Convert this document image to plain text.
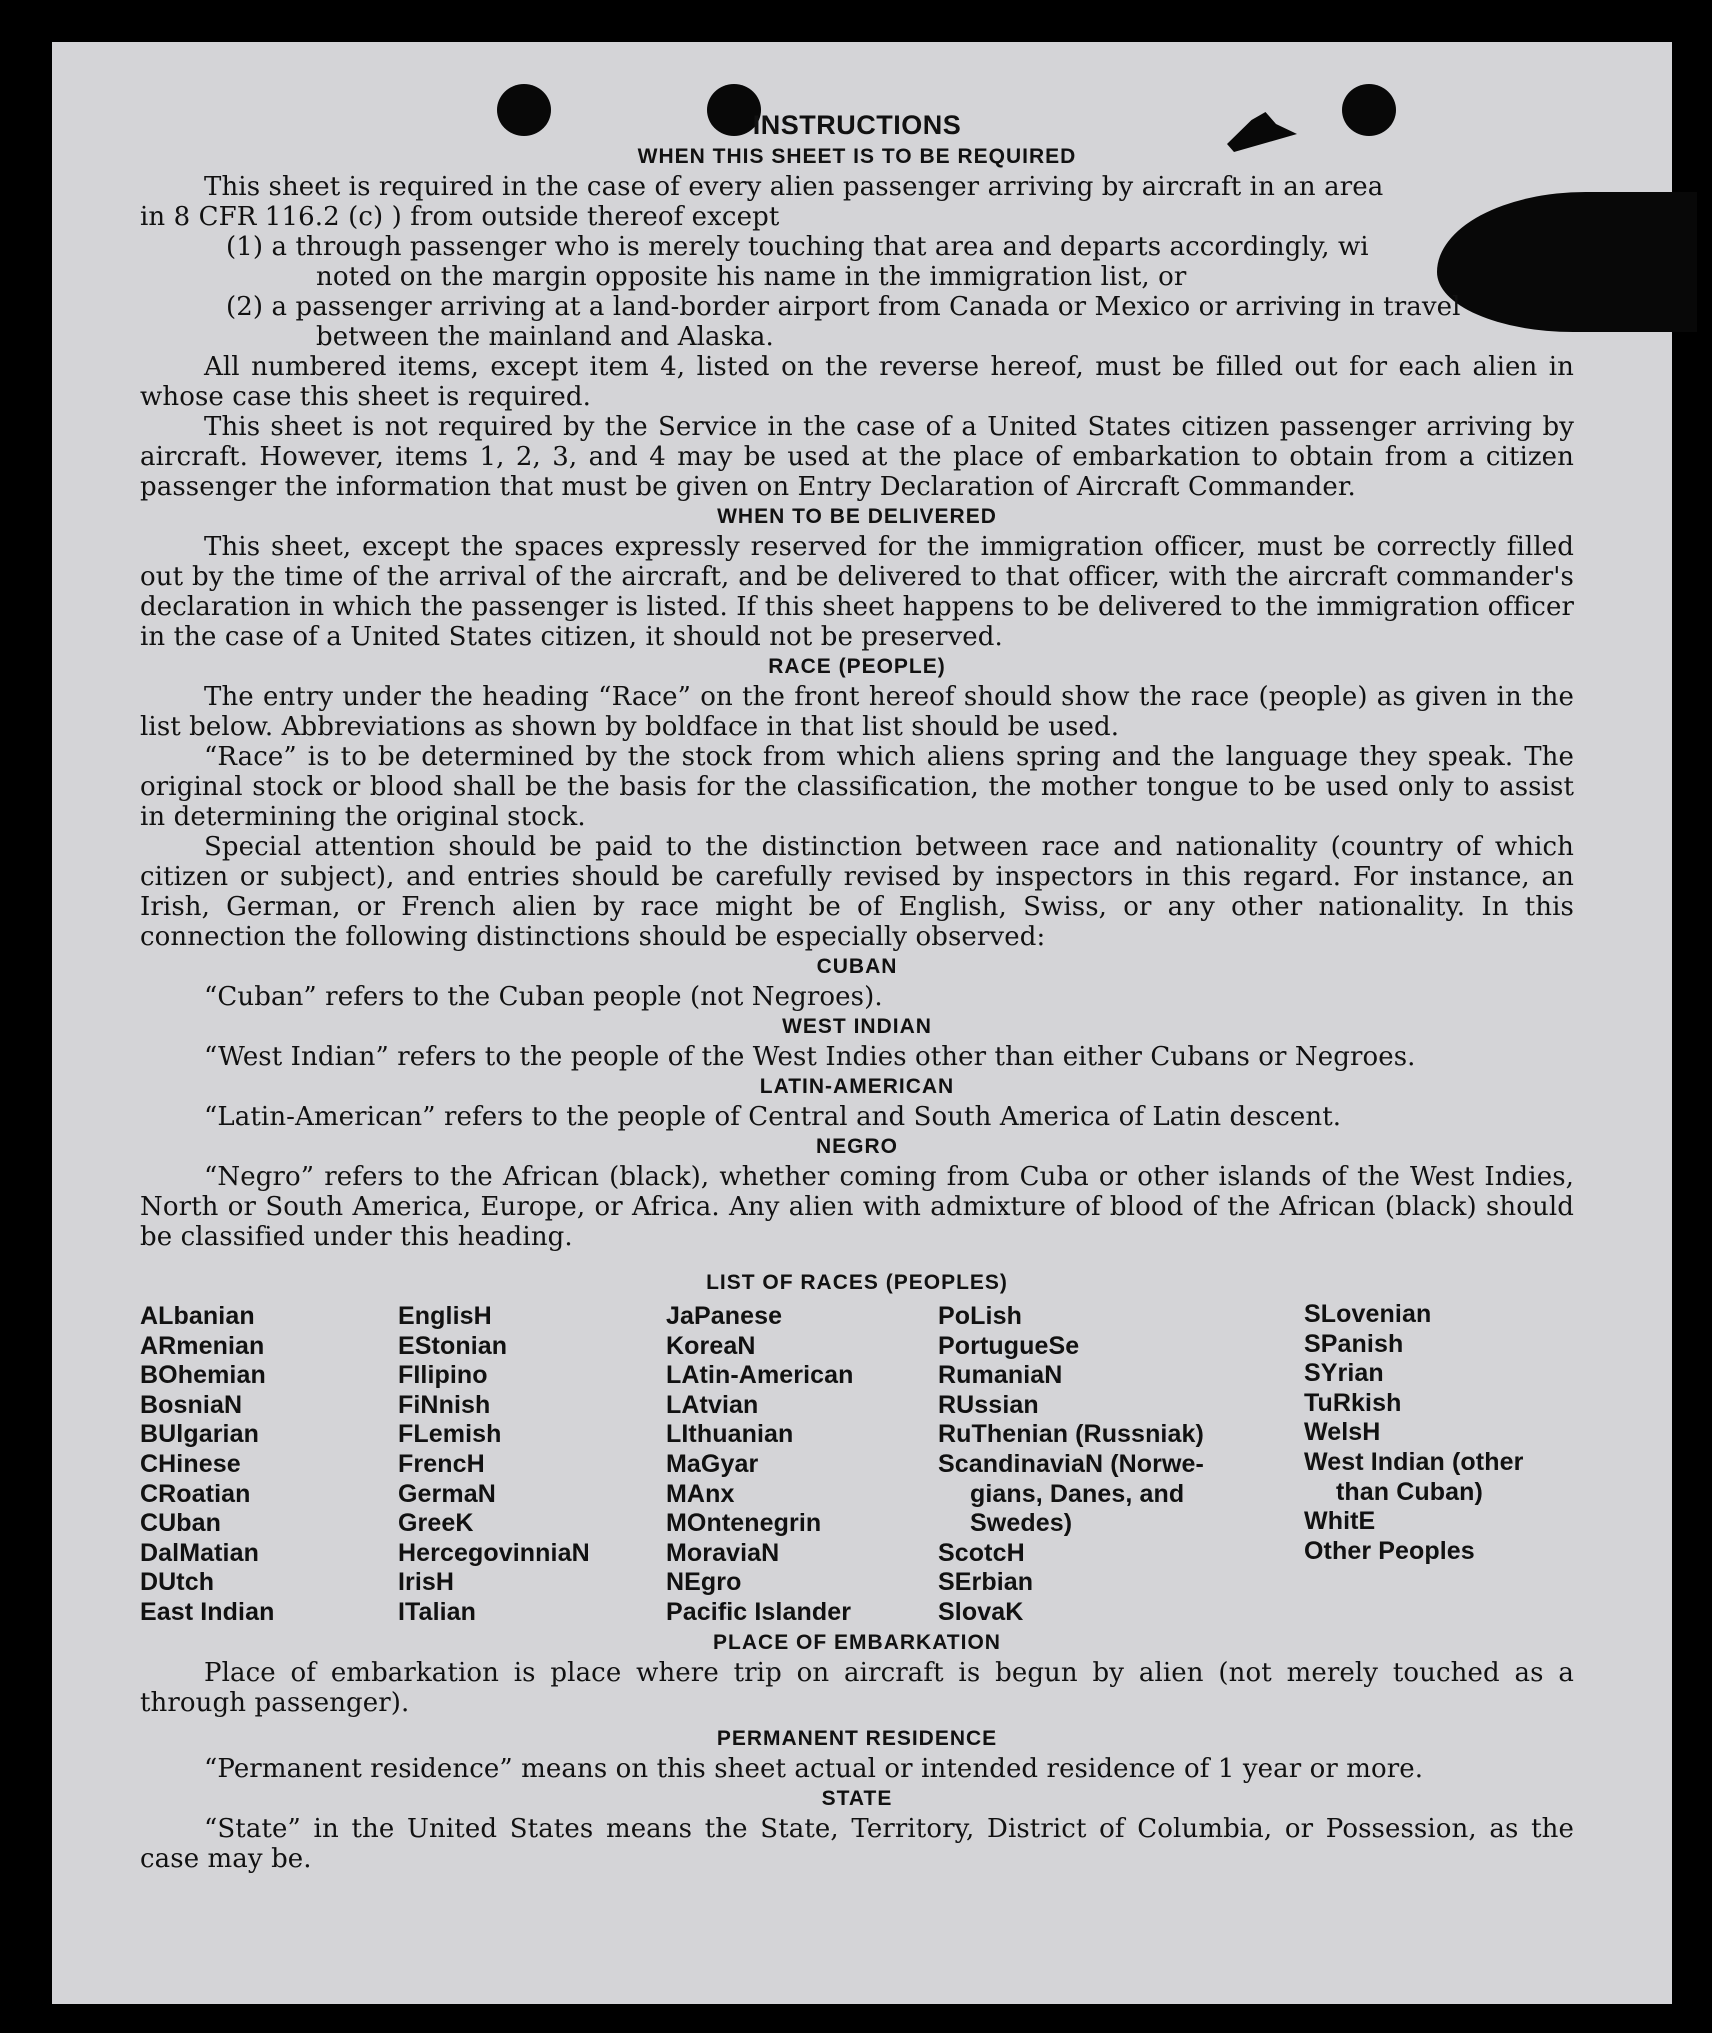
INSTRUCTIONS
WHEN THIS SHEET IS TO BE REQUIRED

This sheet is required in the case of every alien passenger arriving by aircraft in an area

in 8 CFR 116.2 (c) ) from outside thereof except

(1) a through passenger who is merely touching that area and departs accordingly, wi

noted on the margin opposite his name in the immigration list, or

(2) a passenger arriving at a land-border airport from Canada or Mexico or arriving in travel

between the mainland and Alaska.

All numbered items, except item 4, listed on the reverse hereof, must be filled out for each alien in whose case this sheet is required.

This sheet is not required by the Service in the case of a United States citizen passenger arriving by aircraft. However, items 1, 2, 3, and 4 may be used at the place of embarkation to obtain from a citizen passenger the information that must be given on Entry Declaration of Aircraft Commander.

WHEN TO BE DELIVERED

This sheet, except the spaces expressly reserved for the immigration officer, must be correctly filled out by the time of the arrival of the aircraft, and be delivered to that officer, with the aircraft commander's declaration in which the passenger is listed. If this sheet happens to be delivered to the immigration officer in the case of a United States citizen, it should not be preserved.

RACE (PEOPLE)

The entry under the heading “Race” on the front hereof should show the race (people) as given in the list below. Abbreviations as shown by boldface in that list should be used.

“Race” is to be determined by the stock from which aliens spring and the language they speak. The original stock or blood shall be the basis for the classification, the mother tongue to be used only to assist in determining the original stock.

Special attention should be paid to the distinction between race and nationality (country of which citizen or subject), and entries should be carefully revised by inspectors in this regard. For instance, an Irish, German, or French alien by race might be of English, Swiss, or any other nationality. In this connection the following distinctions should be especially observed:

CUBAN

“Cuban” refers to the Cuban people (not Negroes).

WEST INDIAN

“West Indian” refers to the people of the West Indies other than either Cubans or Negroes.

LATIN-AMERICAN

“Latin-American” refers to the people of Central and South America of Latin descent.

NEGRO

“Negro” refers to the African (black), whether coming from Cuba or other islands of the West Indies, North or South America, Europe, or Africa. Any alien with admixture of blood of the African (black) should be classified under this heading.

LIST OF RACES (PEOPLES)
ALbanian
ARmenian
BOhemian
BosniaN
BUlgarian
CHinese
CRoatian
CUban
DalMatian
DUtch
East Indian
EnglisH
EStonian
FIlipino
FiNnish
FLemish
FrencH
GermaN
GreeK
HercegovinniaN
IrisH
ITalian
JaPanese
KoreaN
LAtin-American
LAtvian
LIthuanian
MaGyar
MAnx
MOntenegrin
MoraviaN
NEgro
Pacific Islander
PoLish
PortugueSe
RumaniaN
RUssian
RuThenian (Russniak)
ScandinaviaN (Norwe-
gians, Danes, and
Swedes)
ScotcH
SErbian
SlovaK
SLovenian
SPanish
SYrian
TuRkish
WelsH
West Indian (other
than Cuban)
WhitE
Other Peoples
PLACE OF EMBARKATION

Place of embarkation is place where trip on aircraft is begun by alien (not merely touched as a through passenger).

PERMANENT RESIDENCE

“Permanent residence” means on this sheet actual or intended residence of 1 year or more.

STATE

“State” in the United States means the State, Territory, District of Columbia, or Possession, as the case may be.
